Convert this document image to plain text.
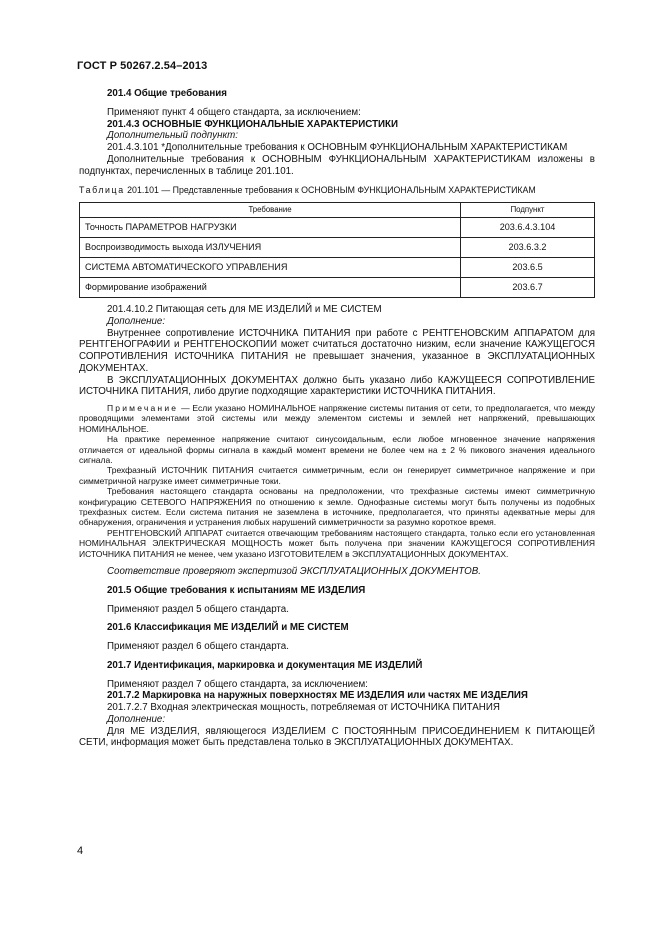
ГОСТ Р 50267.2.54–2013

201.4 Общие требования

Применяют пункт 4 общего стандарта, за исключением:

201.4.3 ОСНОВНЫЕ ФУНКЦИОНАЛЬНЫЕ ХАРАКТЕРИСТИКИ

Дополнительный подпункт:

201.4.3.101 *Дополнительные требования к ОСНОВНЫМ ФУНКЦИОНАЛЬНЫМ ХАРАКТЕРИСТИКАМ

Дополнительные требования к ОСНОВНЫМ ФУНКЦИОНАЛЬНЫМ ХАРАКТЕРИСТИКАМ изложены в подпунктах, перечисленных в таблице 201.101.

Таблица 201.101 — Представленные требования к ОСНОВНЫМ ФУНКЦИОНАЛЬНЫМ ХАРАКТЕРИСТИКАМ

Требование	Подпункт
Точность ПАРАМЕТРОВ НАГРУЗКИ	203.6.4.3.104
Воспроизводимость выхода ИЗЛУЧЕНИЯ	203.6.3.2
СИСТЕМА АВТОМАТИЧЕСКОГО УПРАВЛЕНИЯ	203.6.5
Формирование изображений	203.6.7

201.4.10.2 Питающая сеть для МЕ ИЗДЕЛИЙ и МЕ СИСТЕМ

Дополнение:

Внутреннее сопротивление ИСТОЧНИКА ПИТАНИЯ при работе с РЕНТГЕНОВСКИМ АППАРАТОМ для РЕНТГЕНОГРАФИИ и РЕНТГЕНОСКОПИИ может считаться достаточно низким, если значение КАЖУЩЕГОСЯ СОПРОТИВЛЕНИЯ ИСТОЧНИКА ПИТАНИЯ не превышает значения, указанное в ЭКСПЛУАТАЦИОННЫХ ДОКУМЕНТАХ.

В ЭКСПЛУАТАЦИОННЫХ ДОКУМЕНТАХ должно быть указано либо КАЖУЩЕЕСЯ СОПРОТИВЛЕНИЕ ИСТОЧНИКА ПИТАНИЯ, либо другие подходящие характеристики ИСТОЧНИКА ПИТАНИЯ.

Примечание — Если указано НОМИНАЛЬНОЕ напряжение системы питания от сети, то предполагается, что между проводящими элементами этой системы или между элементом системы и землей нет напряжений, превышающих НОМИНАЛЬНОЕ.

На практике переменное напряжение считают синусоидальным, если любое мгновенное значение напряжения отличается от идеальной формы сигнала в каждый момент времени не более чем на ± 2 % пикового значения идеального сигнала.

Трехфазный ИСТОЧНИК ПИТАНИЯ считается симметричным, если он генерирует симметричное напряжение и при симметричной нагрузке имеет симметричные токи.

Требования настоящего стандарта основаны на предположении, что трехфазные системы имеют симметричную конфигурацию СЕТЕВОГО НАПРЯЖЕНИЯ по отношению к земле. Однофазные системы могут быть получены из подобных трехфазных систем. Если система питания не заземлена в источнике, предполагается, что приняты адекватные меры для обнаружения, ограничения и устранения любых нарушений симметричности за разумно короткое время.

РЕНТГЕНОВСКИЙ АППАРАТ считается отвечающим требованиям настоящего стандарта, только если его установленная НОМИНАЛЬНАЯ ЭЛЕКТРИЧЕСКАЯ МОЩНОСТЬ может быть получена при значении КАЖУЩЕГОСЯ СОПРОТИВЛЕНИЯ ИСТОЧНИКА ПИТАНИЯ не менее, чем указано ИЗГОТОВИТЕЛЕМ в ЭКСПЛУАТАЦИОННЫХ ДОКУМЕНТАХ.

Соответствие проверяют экспертизой ЭКСПЛУАТАЦИОННЫХ ДОКУМЕНТОВ.

201.5 Общие требования к испытаниям МЕ ИЗДЕЛИЯ

Применяют раздел 5 общего стандарта.

201.6 Классификация МЕ ИЗДЕЛИЙ и МЕ СИСТЕМ

Применяют раздел 6 общего стандарта.

201.7 Идентификация, маркировка и документация МЕ ИЗДЕЛИЙ

Применяют раздел 7 общего стандарта, за исключением:

201.7.2 Маркировка на наружных поверхностях МЕ ИЗДЕЛИЯ или частях МЕ ИЗДЕЛИЯ

201.7.2.7 Входная электрическая мощность, потребляемая от ИСТОЧНИКА ПИТАНИЯ

Дополнение:

Для МЕ ИЗДЕЛИЯ, являющегося ИЗДЕЛИЕМ С ПОСТОЯННЫМ ПРИСОЕДИНЕНИЕМ К ПИТАЮЩЕЙ СЕТИ, информация может быть представлена только в ЭКСПЛУАТАЦИОННЫХ ДОКУМЕНТАХ.

4
